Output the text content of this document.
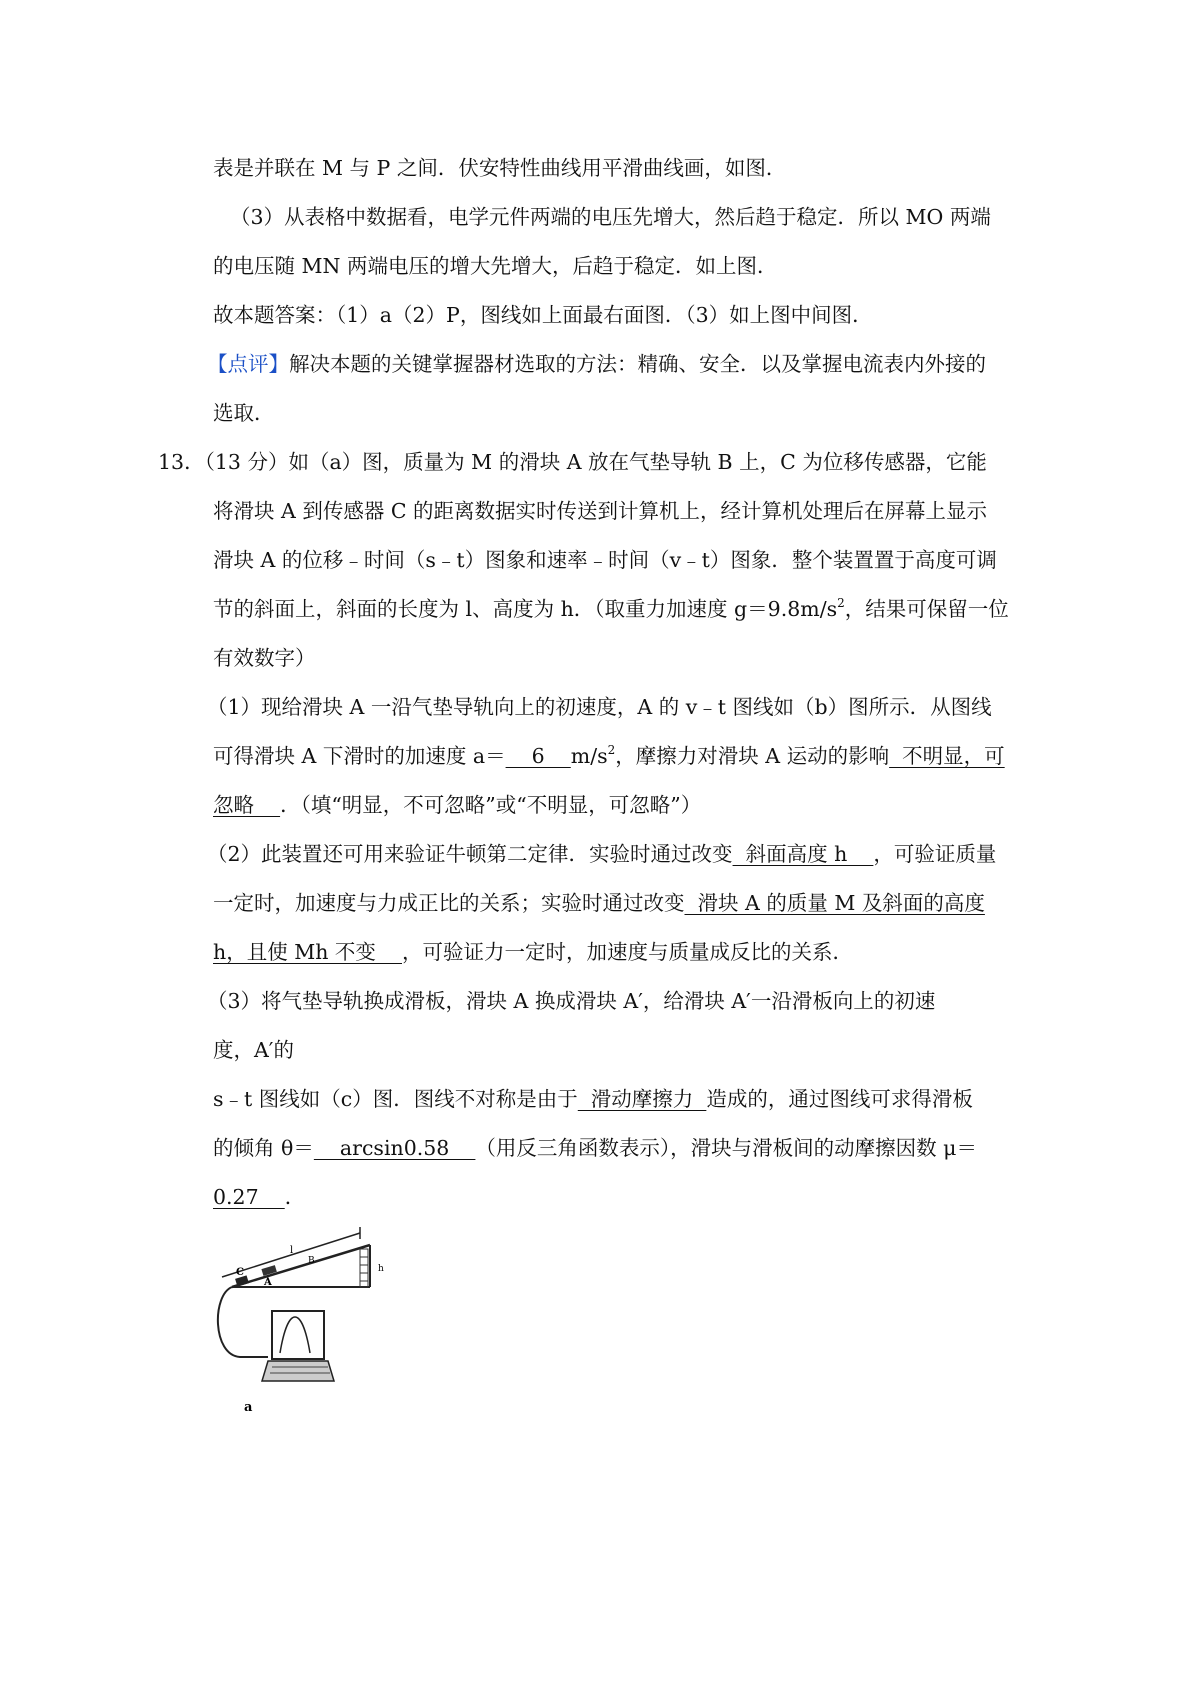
表是并联在 M 与 P 之间．伏安特性曲线用平滑曲线画，如图．
（3）从表格中数据看，电学元件两端的电压先增大，然后趋于稳定．所以 MO 两端
的电压随 MN 两端电压的增大先增大，后趋于稳定．如上图．
故本题答案：（1）a（2）P，图线如上面最右面图．（3）如上图中间图．
【点评】解决本题的关键掌握器材选取的方法：精确、安全．以及掌握电流表内外接的
选取．
13．（13 分）如（a）图，质量为 M 的滑块 A 放在气垫导轨 B 上，C 为位移传感器，它能
将滑块 A 到传感器 C 的距离数据实时传送到计算机上，经计算机处理后在屏幕上显示
滑块 A 的位移﹣时间（s﹣t）图象和速率﹣时间（v﹣t）图象．整个装置置于高度可调
节的斜面上，斜面的长度为 l、高度为 h．（取重力加速度 $g=9.8m/s^2$，结果可保留一位
有效数字）
（1）现给滑块 A 一沿气垫导轨向上的初速度，A 的 v﹣t 图线如（b）图所示．从图线
可得滑块 A 下滑时的加速度 a＝    6    $m/s^2$，摩擦力对滑块 A 运动的影响  不明显，可
忽略    ．（填“明显，不可忽略”或“不明显，可忽略”）
（2）此装置还可用来验证牛顿第二定律．实验时通过改变  斜面高度 h    ，可验证质量
一定时，加速度与力成正比的关系；实验时通过改变  滑块 A 的质量 M 及斜面的高度
h，且使 Mh 不变    ，可验证力一定时，加速度与质量成反比的关系．
（3）将气垫导轨换成滑板，滑块 A 换成滑块 A′，给滑块 A′一沿滑板向上的初速
度，A′的
s﹣t 图线如（c）图．图线不对称是由于  滑动摩擦力  造成的，通过图线可求得滑板
的倾角 θ＝    arcsin0.58    （用反三角函数表示），滑块与滑板间的动摩擦因数 μ＝
0.27    ．
l
C
A
B
h
a
